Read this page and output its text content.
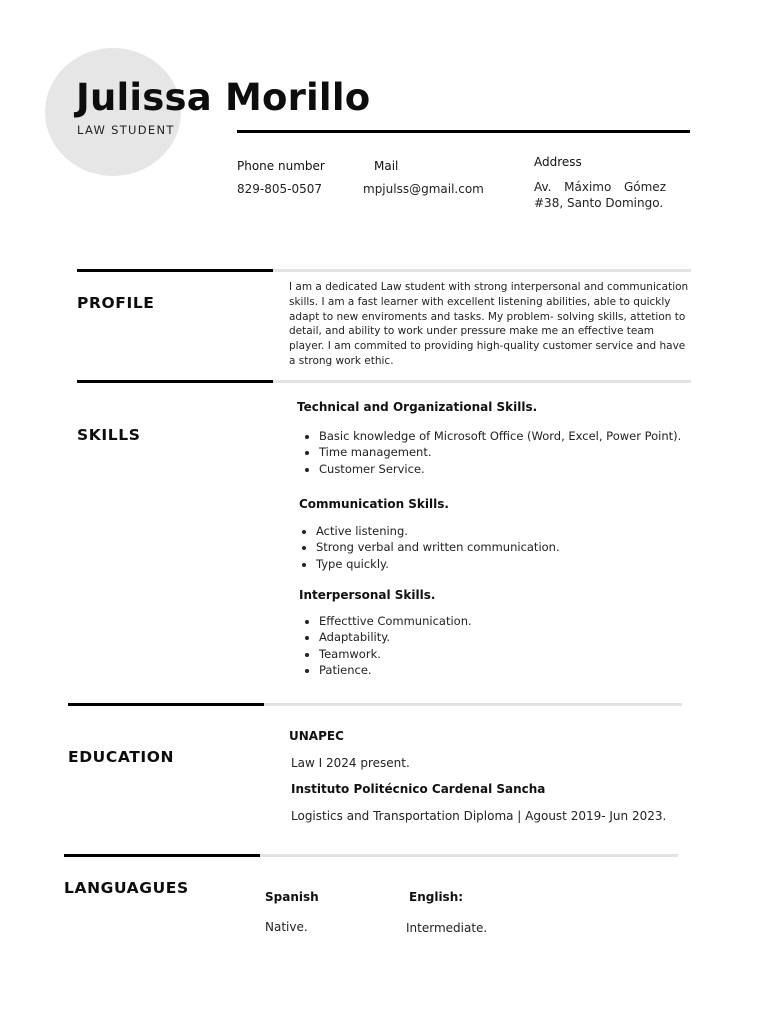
Julissa Morillo
LAW STUDENT
Phone number
829-805-0507
Mail
mpjulss@gmail.com
Address
Av. Máximo Gómez #38, Santo Domingo.
PROFILE
I am a dedicated Law student with strong interpersonal and communication skills. I am a fast learner with excellent listening abilities, able to quickly adapt to new enviroments and tasks. My problem- solving skills, attetion to detail, and ability to work under pressure make me an effective team player. I am commited to providing high-quality customer service and have a strong work ethic.
SKILLS
Technical and Organizational Skills.
• Basic knowledge of Microsoft Office (Word, Excel, Power Point).
• Time management.
• Customer Service.
Communication Skills.
• Active listening.
• Strong verbal and written communication.
• Type quickly.
Interpersonal Skills.
• Effecttive Communication.
• Adaptability.
• Teamwork.
• Patience.
EDUCATION
UNAPEC
Law I 2024 present.
Instituto Politécnico Cardenal Sancha
Logistics and Transportation Diploma | Agoust 2019- Jun 2023.
LANGUAGUES	Spanish
Native.
English:
Intermediate.
